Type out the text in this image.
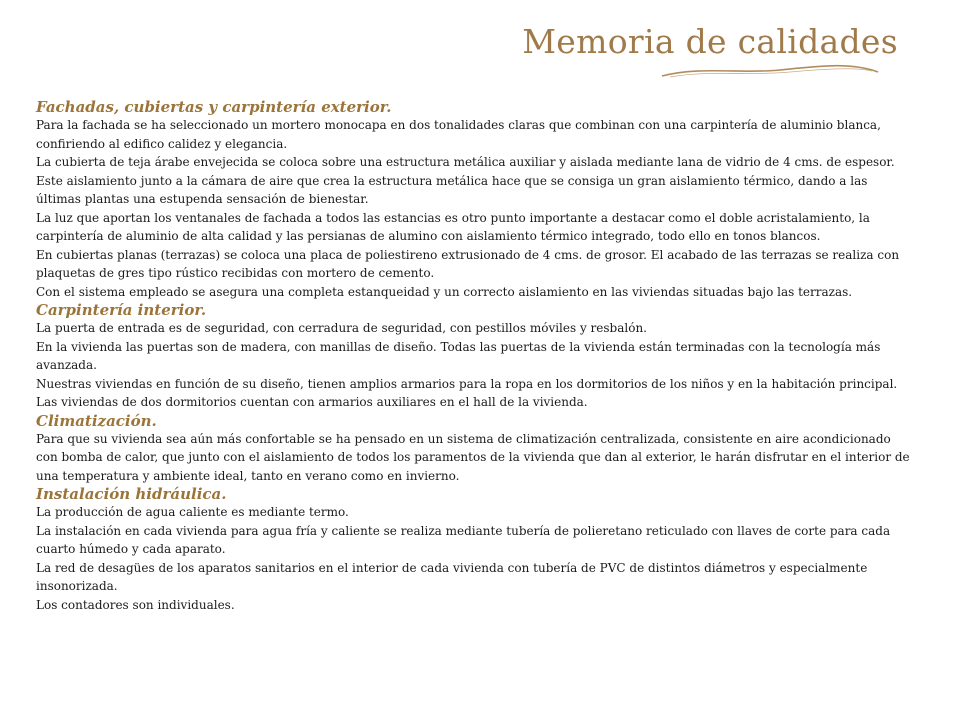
Memoria de calidades
Fachadas, cubiertas y carpintería exterior.

Para la fachada se ha seleccionado un mortero monocapa en dos tonalidades claras que combinan con una carpintería de aluminio blanca, confiriendo al edifico calidez y elegancia.

La cubierta de teja árabe envejecida se coloca sobre una estructura metálica auxiliar y aislada mediante lana de vidrio de 4 cms. de espesor. Este aislamiento junto a la cámara de aire que crea la estructura metálica hace que se consiga un gran aislamiento térmico, dando a las últimas plantas una estupenda sensación de bienestar.

La luz que aportan los ventanales de fachada a todos las estancias es otro punto importante a destacar como el doble acristalamiento, la carpintería de aluminio de alta calidad y las persianas de alumino con aislamiento térmico integrado, todo ello en tonos blancos.

En cubiertas planas (terrazas) se coloca una placa de poliestireno extrusionado de 4 cms. de grosor. El acabado de las terrazas se realiza con plaquetas de gres tipo rústico recibidas con mortero de cemento.

Con el sistema empleado se asegura una completa estanqueidad y un correcto aislamiento en las viviendas situadas bajo las terrazas.

Carpintería interior.

La puerta de entrada es de seguridad, con cerradura de seguridad, con pestillos móviles y resbalón.

En la vivienda las puertas son de madera, con manillas de diseño. Todas las puertas de la vivienda están terminadas con la tecnología más avanzada.

Nuestras viviendas en función de su diseño, tienen amplios armarios para la ropa en los dormitorios de los niños y en la habitación principal. Las viviendas de dos dormitorios cuentan con armarios auxiliares en el hall de la vivienda.

Climatización.

Para que su vivienda sea aún más confortable se ha pensado en un sistema de climatización centralizada, consistente en aire acondicionado con bomba de calor, que junto con el aislamiento de todos los paramentos de la vivienda que dan al exterior, le harán disfrutar en el interior de una temperatura y ambiente ideal, tanto en verano como en invierno.

Instalación hidráulica.

La producción de agua caliente es mediante termo.

La instalación en cada vivienda para agua fría y caliente se realiza mediante tubería de polieretano reticulado con llaves de corte para cada cuarto húmedo y cada aparato.

La red de desagües de los aparatos sanitarios en el interior de cada vivienda con tubería de PVC de distintos diámetros y especialmente insonorizada.

Los contadores son individuales.
